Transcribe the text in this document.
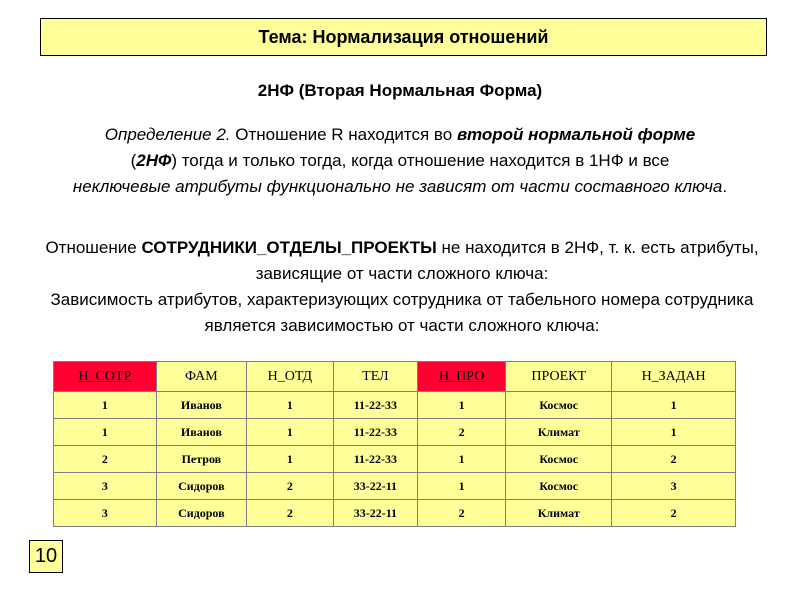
Тема: Нормализация отношений
2НФ (Вторая Нормальная Форма)
Определение 2. Отношение R находится во второй нормальной форме
(2НФ) тогда и только тогда, когда отношение находится в 1НФ и все
неключевые атрибуты функционально не зависят от части составного ключа.

Отношение СОТРУДНИКИ_ОТДЕЛЫ_ПРОЕКТЫ не находится в 2НФ, т. к. есть атрибуты, зависящие от части сложного ключа:

Зависимость атрибутов, характеризующих сотрудника от табельного номера сотрудника является зависимостью от части сложного ключа:

Н_СОТР	ФАМ	Н_ОТД	ТЕЛ	Н_ПРО	ПРОЕКТ	Н_ЗАДАН
1	Иванов	1	11-22-33	1	Космос	1
1	Иванов	1	11-22-33	2	Климат	1
2	Петров	1	11-22-33	1	Космос	2
3	Сидоров	2	33-22-11	1	Космос	3
3	Сидоров	2	33-22-11	2	Климат	2
10
